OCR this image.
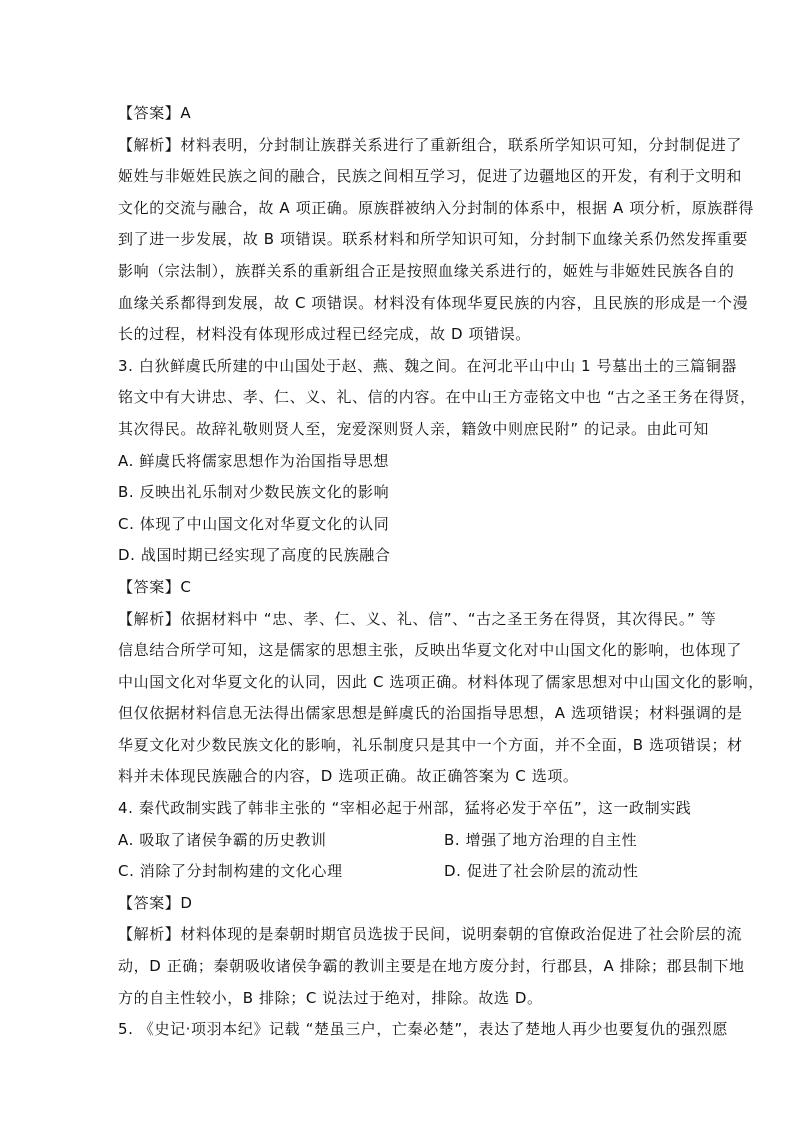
【答案】A
【解析】材料表明，分封制让族群关系进行了重新组合，联系所学知识可知，分封制促进了
姬姓与非姬姓民族之间的融合，民族之间相互学习，促进了边疆地区的开发，有利于文明和
文化的交流与融合，故 A 项正确。原族群被纳入分封制的体系中，根据 A 项分析，原族群得
到了进一步发展，故 B 项错误。联系材料和所学知识可知，分封制下血缘关系仍然发挥重要
影响（宗法制），族群关系的重新组合正是按照血缘关系进行的，姬姓与非姬姓民族各自的
血缘关系都得到发展，故 C 项错误。材料没有体现华夏民族的内容，且民族的形成是一个漫
长的过程，材料没有体现形成过程已经完成，故 D 项错误。
3. 白狄鲜虞氏所建的中山国处于赵、燕、魏之间。在河北平山中山 1 号墓出土的三篇铜器
铭文中有大讲忠、孝、仁、义、礼、信的内容。在中山王方壶铭文中也 “古之圣王务在得贤，
其次得民。故辞礼敬则贤人至，宠爱深则贤人亲，籍敛中则庶民附” 的记录。由此可知
A. 鲜虞氏将儒家思想作为治国指导思想
B. 反映出礼乐制对少数民族文化的影响
C. 体现了中山国文化对华夏文化的认同
D. 战国时期已经实现了高度的民族融合
【答案】C
【解析】依据材料中 “忠、孝、仁、义、礼、信”、“古之圣王务在得贤，其次得民。” 等
信息结合所学可知，这是儒家的思想主张，反映出华夏文化对中山国文化的影响，也体现了
中山国文化对华夏文化的认同，因此 C 选项正确。材料体现了儒家思想对中山国文化的影响，
但仅依据材料信息无法得出儒家思想是鲜虞氏的治国指导思想，A 选项错误；材料强调的是
华夏文化对少数民族文化的影响，礼乐制度只是其中一个方面，并不全面，B 选项错误；材
料并未体现民族融合的内容，D 选项正确。故正确答案为 C 选项。
4. 秦代政制实践了韩非主张的 “宰相必起于州部，猛将必发于卒伍”，这一政制实践
A. 吸取了诸侯争霸的历史教训	B. 增强了地方治理的自主性
C. 消除了分封制构建的文化心理	D. 促进了社会阶层的流动性
【答案】D
【解析】材料体现的是秦朝时期官员选拔于民间，说明秦朝的官僚政治促进了社会阶层的流
动，D 正确；秦朝吸收诸侯争霸的教训主要是在地方废分封，行郡县，A 排除；郡县制下地
方的自主性较小，B 排除；C 说法过于绝对，排除。故选 D。
5. 《史记·项羽本纪》记载 “楚虽三户，亡秦必楚”，表达了楚地人再少也要复仇的强烈愿
